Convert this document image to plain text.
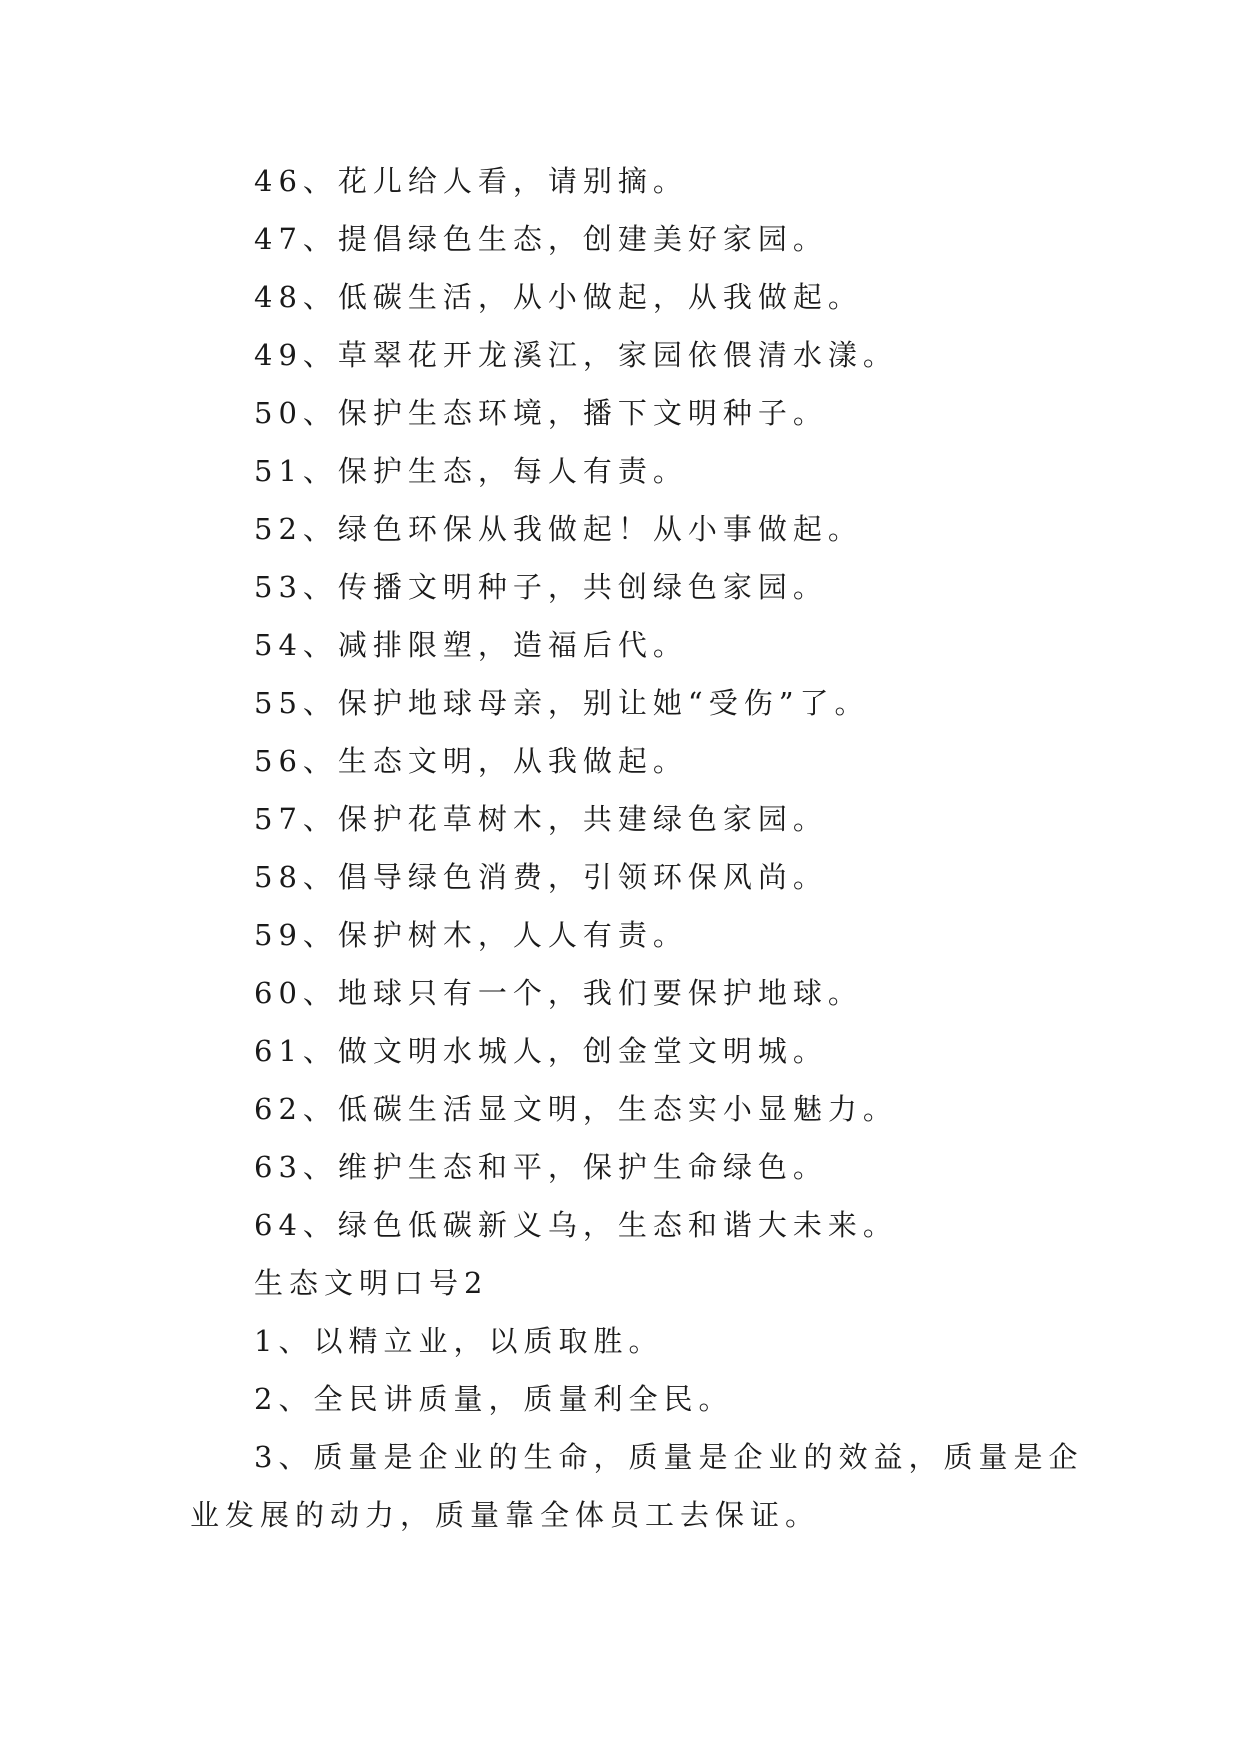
46、花儿给人看，请别摘。
47、提倡绿色生态，创建美好家园。
48、低碳生活，从小做起，从我做起。
49、草翠花开龙溪江，家园依偎清水漾。
50、保护生态环境，播下文明种子。
51、保护生态，每人有责。
52、绿色环保从我做起！从小事做起。
53、传播文明种子，共创绿色家园。
54、减排限塑，造福后代。
55、保护地球母亲，别让她“受伤”了。
56、生态文明，从我做起。
57、保护花草树木，共建绿色家园。
58、倡导绿色消费，引领环保风尚。
59、保护树木，人人有责。
60、地球只有一个，我们要保护地球。
61、做文明水城人，创金堂文明城。
62、低碳生活显文明，生态实小显魅力。
63、维护生态和平，保护生命绿色。
64、绿色低碳新义乌，生态和谐大未来。
生态文明口号2
1、以精立业，以质取胜。
2、全民讲质量，质量利全民。
3、质量是企业的生命，质量是企业的效益，质量是企
业发展的动力，质量靠全体员工去保证。
